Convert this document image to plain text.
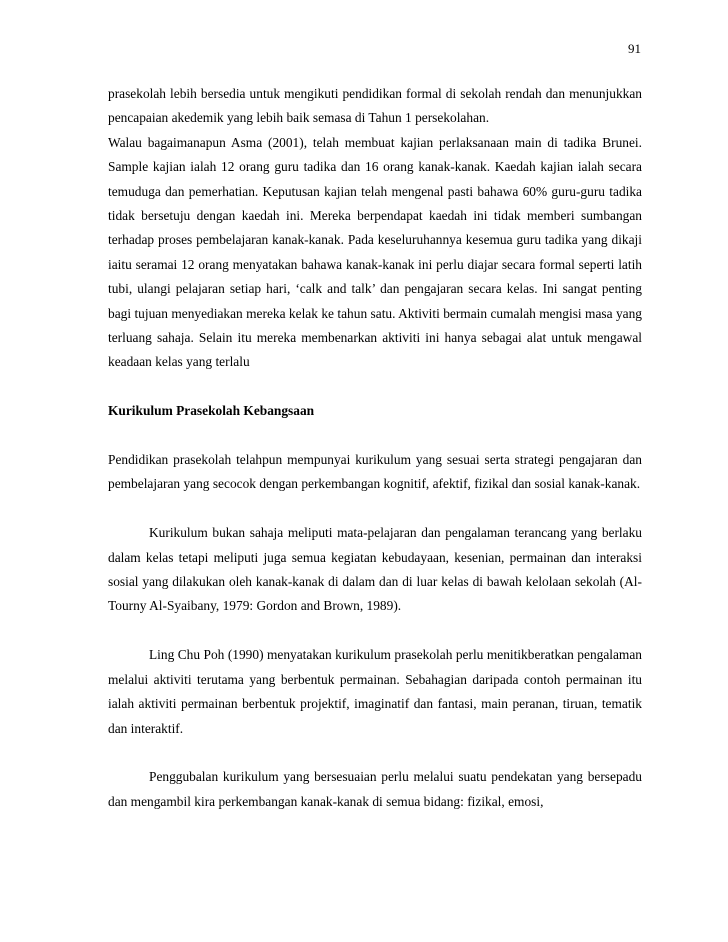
91

prasekolah lebih bersedia untuk mengikuti pendidikan formal di sekolah rendah dan menunjukkan pencapaian akedemik yang lebih baik semasa di Tahun 1 persekolahan.

Walau bagaimanapun Asma (2001), telah membuat kajian perlaksanaan main di tadika Brunei. Sample kajian ialah 12 orang guru tadika dan 16 orang kanak-kanak. Kaedah kajian ialah secara temuduga dan pemerhatian. Keputusan kajian telah mengenal pasti bahawa 60% guru-guru tadika tidak bersetuju dengan kaedah ini. Mereka berpendapat kaedah ini tidak memberi sumbangan terhadap proses pembelajaran kanak-kanak. Pada keseluruhannya kesemua guru tadika yang dikaji iaitu seramai 12 orang menyatakan bahawa kanak-kanak ini perlu diajar secara formal seperti latih tubi, ulangi pelajaran setiap hari, ‘calk and talk’ dan pengajaran secara kelas. Ini sangat penting bagi tujuan menyediakan mereka kelak ke tahun satu. Aktiviti bermain cumalah mengisi masa yang terluang sahaja. Selain itu mereka membenarkan aktiviti ini hanya sebagai alat untuk mengawal keadaan kelas yang terlalu

Kurikulum Prasekolah Kebangsaan

Pendidikan prasekolah telahpun mempunyai kurikulum yang sesuai serta strategi pengajaran dan pembelajaran yang secocok dengan perkembangan kognitif, afektif, fizikal dan sosial kanak-kanak.

Kurikulum bukan sahaja meliputi mata-pelajaran dan pengalaman terancang yang berlaku dalam kelas tetapi meliputi juga semua kegiatan kebudayaan, kesenian, permainan dan interaksi sosial yang dilakukan oleh kanak-kanak di dalam dan di luar kelas di bawah kelolaan sekolah (Al-Tourny Al-Syaibany, 1979: Gordon and Brown, 1989).

Ling Chu Poh (1990) menyatakan kurikulum prasekolah perlu menitikberatkan pengalaman melalui aktiviti terutama yang berbentuk permainan. Sebahagian daripada contoh permainan itu ialah aktiviti permainan berbentuk projektif, imaginatif dan fantasi, main peranan, tiruan, tematik dan interaktif.

Penggubalan kurikulum yang bersesuaian perlu melalui suatu pendekatan yang bersepadu dan mengambil kira perkembangan kanak-kanak di semua bidang: fizikal, emosi,
